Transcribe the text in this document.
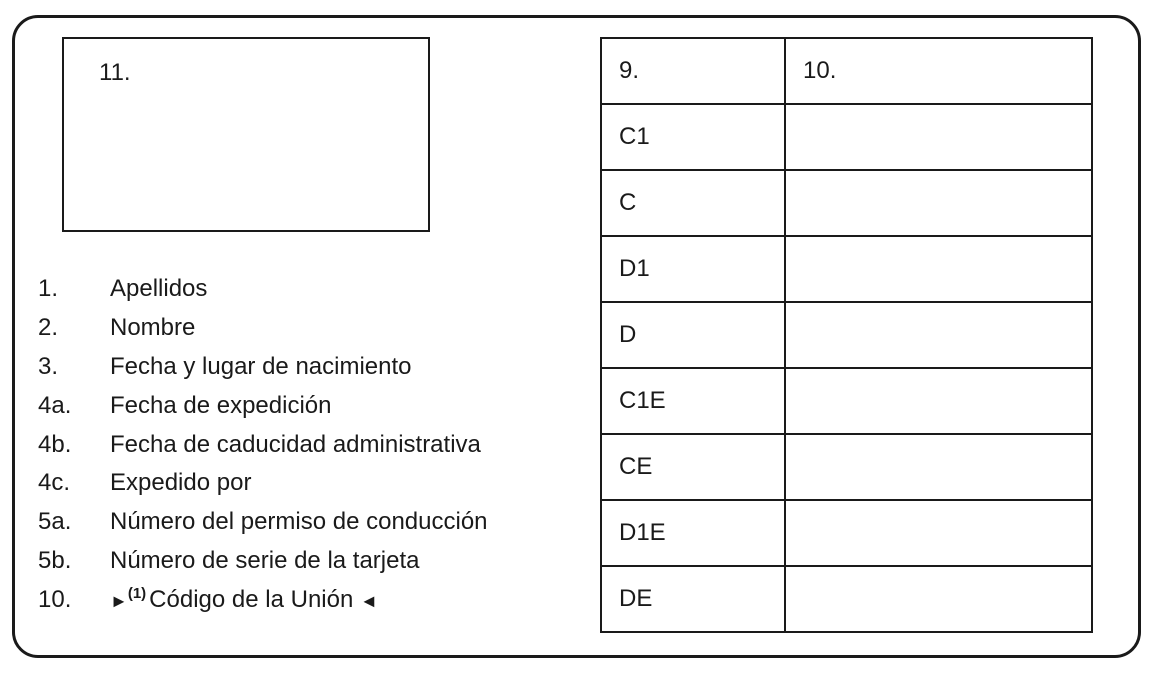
11.
1.	Apellidos
2.	Nombre
3.	Fecha y lugar de nacimiento
4a.	Fecha de expedición
4b.	Fecha de caducidad administrativa
4c.	Expedido por
5a.	Número del permiso de conducción
5b.	Número de serie de la tarjeta
10.	►$^{(1)}$ Código de la Unión ◄
9.	10.
C1	
C	
D1	
D	
C1E	
CE	
D1E	
DE	
